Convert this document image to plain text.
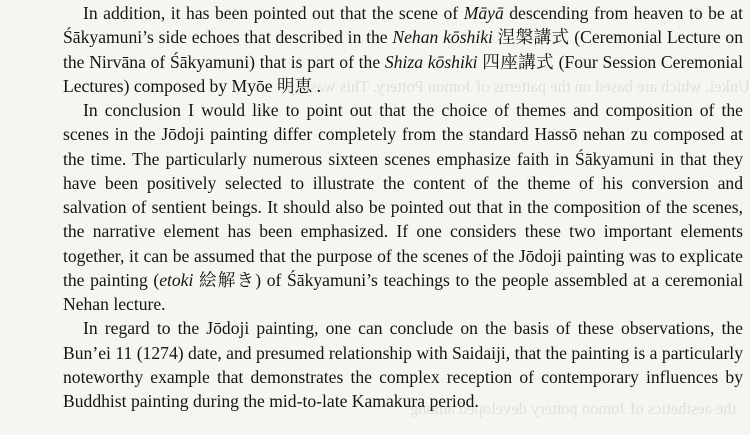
Unkei. which are based on the patterns of Jomon Pottery. This was a p
the aesthetics of Jomon pottery developed among

In addition, it has been pointed out that the scene of Māyā descending from heaven to be at Śākyamuni’s side echoes that described in the Nehan kōshiki 涅槃講式 (Ceremonial Lecture on the Nirvāna of Śākyamuni) that is part of the Shiza kōshiki 四座講式 (Four Session Ceremonial Lectures) composed by Myōe 明恵 .

In conclusion I would like to point out that the choice of themes and composition of the scenes in the Jōdoji painting differ completely from the standard Hassō nehan zu composed at the time. The particularly numerous sixteen scenes emphasize faith in Śākyamuni in that they have been positively selected to illustrate the content of the theme of his conversion and salvation of sentient beings. It should also be pointed out that in the composition of the scenes, the narrative element has been emphasized. If one considers these two important elements together, it can be assumed that the purpose of the scenes of the Jōdoji painting was to explicate the painting (etoki 絵解き) of Śākyamuni’s teachings to the people assembled at a ceremonial Nehan lecture.

In regard to the Jōdoji painting, one can conclude on the basis of these observations, the Bun’ei 11 (1274) date, and presumed relationship with Saidaiji, that the painting is a particularly noteworthy example that demonstrates the complex reception of contemporary influences by Buddhist painting during the mid-to-late Kamakura period.
